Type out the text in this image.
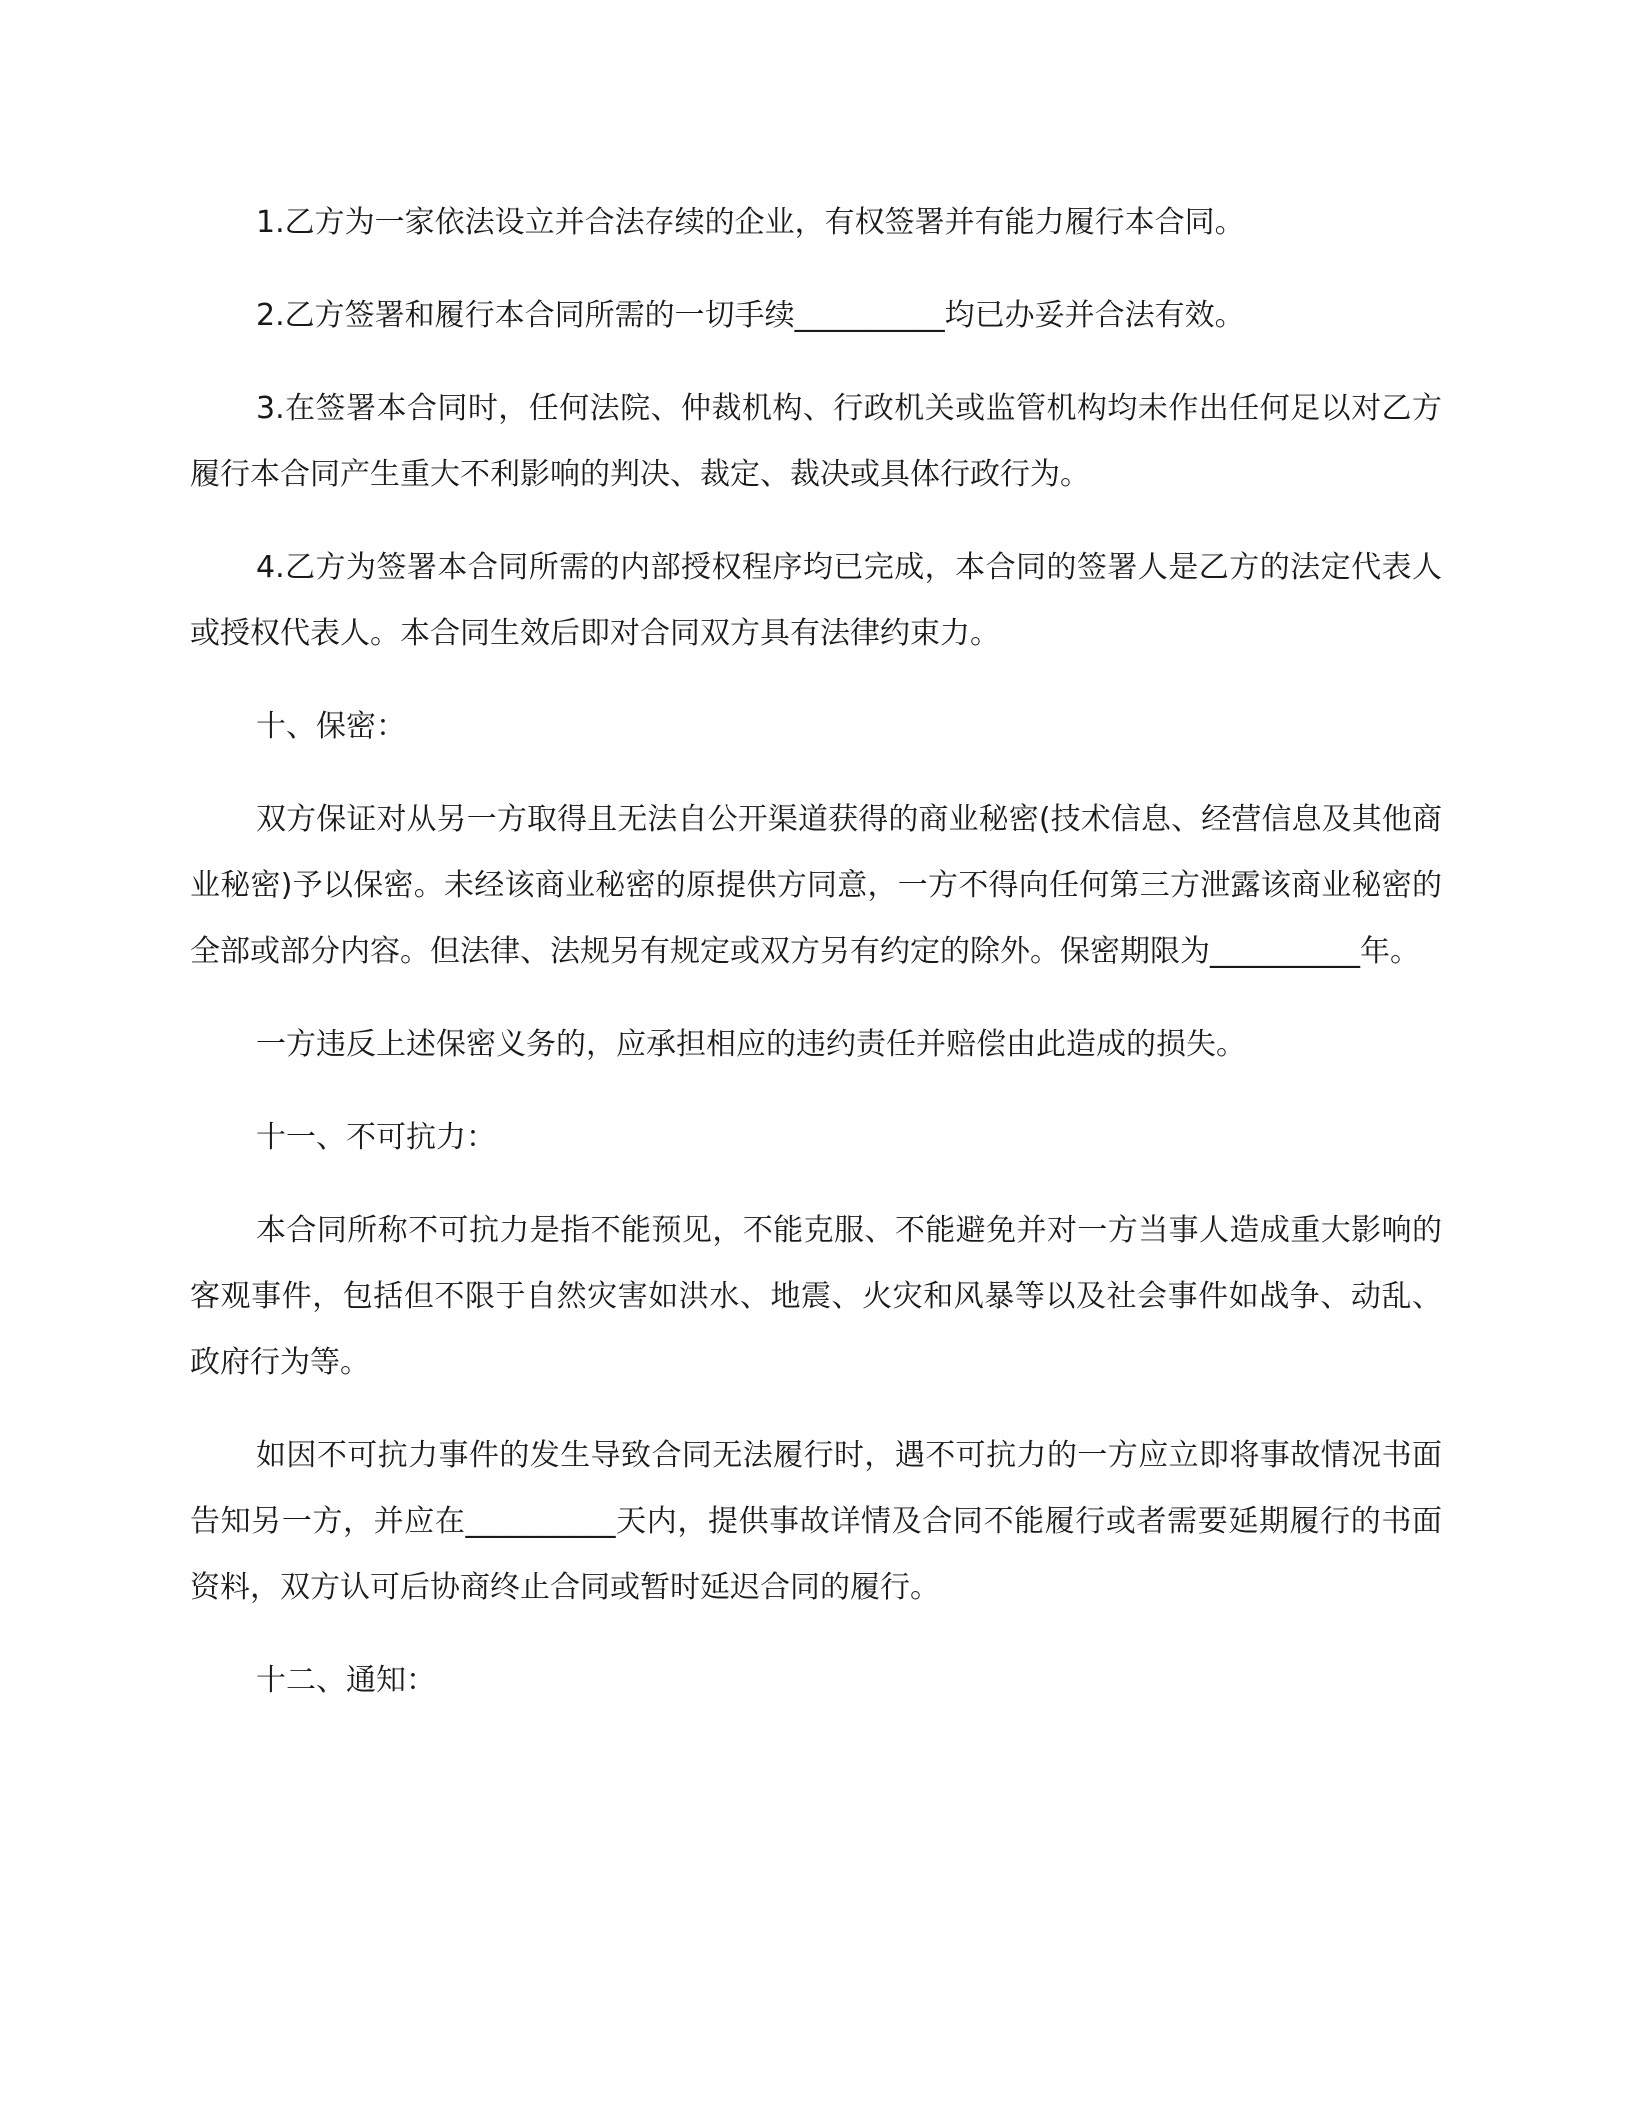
1.乙方为一家依法设立并合法存续的企业，有权签署并有能力履行本合同。

2.乙方签署和履行本合同所需的一切手续__________均已办妥并合法有效。

3.在签署本合同时，任何法院、仲裁机构、行政机关或监管机构均未作出任何足以对乙方履行本合同产生重大不利影响的判决、裁定、裁决或具体行政行为。

4.乙方为签署本合同所需的内部授权程序均已完成，本合同的签署人是乙方的法定代表人或授权代表人。本合同生效后即对合同双方具有法律约束力。

十、保密：

双方保证对从另一方取得且无法自公开渠道获得的商业秘密(技术信息、经营信息及其他商业秘密)予以保密。未经该商业秘密的原提供方同意，一方不得向任何第三方泄露该商业秘密的全部或部分内容。但法律、法规另有规定或双方另有约定的除外。保密期限为__________年。

一方违反上述保密义务的，应承担相应的违约责任并赔偿由此造成的损失。

十一、不可抗力：

本合同所称不可抗力是指不能预见，不能克服、不能避免并对一方当事人造成重大影响的客观事件，包括但不限于自然灾害如洪水、地震、火灾和风暴等以及社会事件如战争、动乱、政府行为等。

如因不可抗力事件的发生导致合同无法履行时，遇不可抗力的一方应立即将事故情况书面告知另一方，并应在__________天内，提供事故详情及合同不能履行或者需要延期履行的书面资料，双方认可后协商终止合同或暂时延迟合同的履行。

十二、通知：
